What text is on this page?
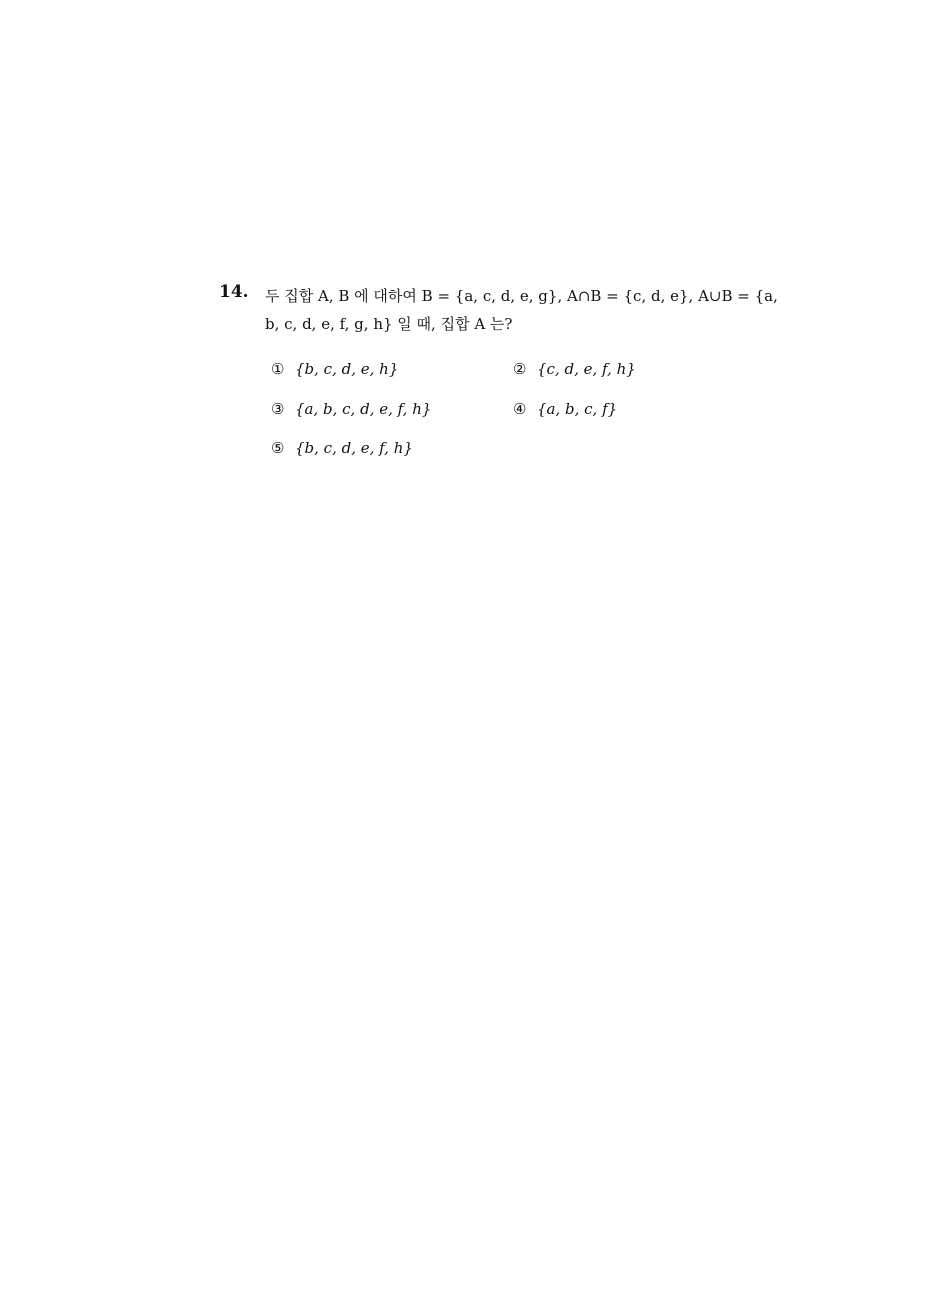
14. 두 집합 A, B 에 대하여 B = {a, c, d, e, g}, A∩B = {c, d, e}, A∪B = {a,
b, c, d, e, f, g, h} 일 때, 집합 A 는?
① {b, c, d, e, h}	② {c, d, e, f, h}
③ {a, b, c, d, e, f, h}	④ {a, b, c, f}
⑤ {b, c, d, e, f, h}
